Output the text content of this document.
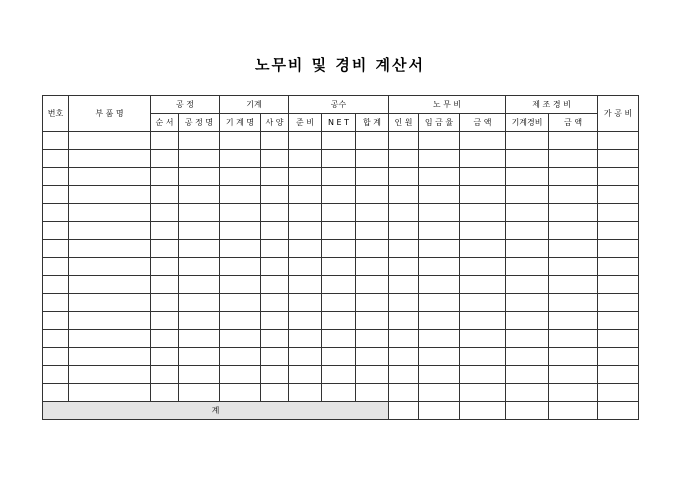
노무비 및 경비 계산서
번호	부 품 명	공 정		기계		공수			노 무 비			제 조 경 비		가 공 비
		순 서	공 정 명	기 계 명	사 양	준 비	N E T	합 계	인 원	임 금 율	금 액	기계경비	금 액	

계														
